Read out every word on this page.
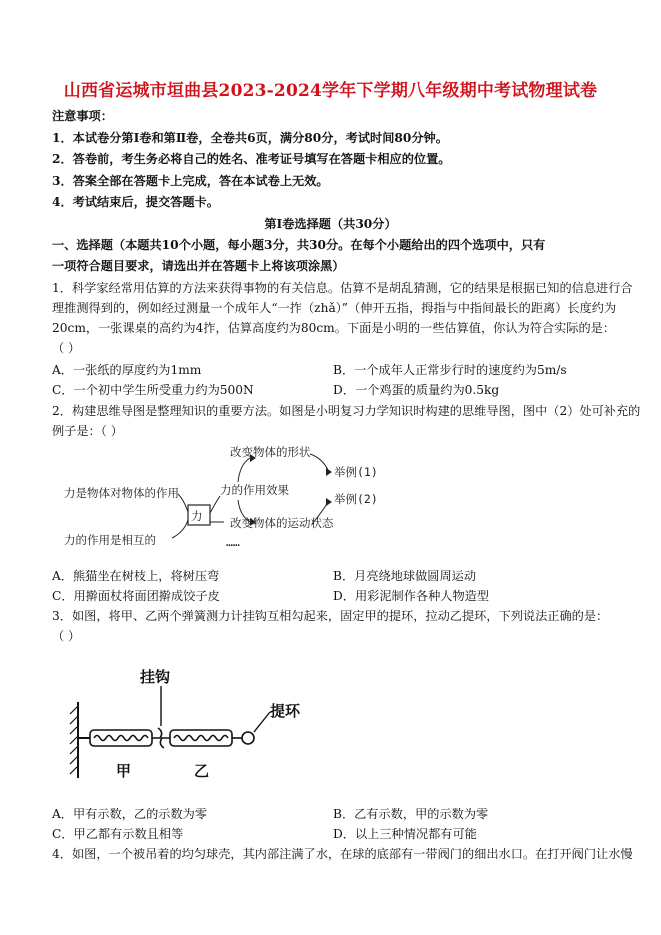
山西省运城市垣曲县2023-2024学年下学期八年级期中考试物理试卷
注意事项：
1．本试卷分第Ⅰ卷和第Ⅱ卷，全卷共6页，满分80分，考试时间80分钟。
2．答卷前，考生务必将自己的姓名、准考证号填写在答题卡相应的位置。
3．答案全部在答题卡上完成，答在本试卷上无效。
4．考试结束后，提交答题卡。
第Ⅰ卷选择题（共30分）
一、选择题（本题共10个小题，每小题3分，共30分。在每个小题给出的四个选项中，只有
一项符合题目要求，请选出并在答题卡上将该项涂黑）
1．科学家经常用估算的方法来获得事物的有关信息。估算不是胡乱猜测，它的结果是根据已知的信息进行合
理推测得到的，例如经过测量一个成年人“一拃（zhǎ）”（伸开五指，拇指与中指间最长的距离）长度约为
20cm，一张课桌的高约为4拃，估算高度约为80cm。下面是小明的一些估算值，你认为符合实际的是：
（ ）
A．一张纸的厚度约为1mm	B．一个成年人正常步行时的速度约为5m/s
C．一个初中学生所受重力约为500N	D．一个鸡蛋的质量约为0.5kg
2．构建思维导图是整理知识的重要方法。如图是小明复习力学知识时构建的思维导图，图中（2）处可补充的
例子是：（ ）
力
力是物体对物体的作用
力的作用是相互的
力的作用效果
……
改变物体的形状
改变物体的运动状态
举例(1)
举例(2)
A．熊猫坐在树枝上，将树压弯	B．月亮绕地球做圆周运动
C．用擀面杖将面团擀成饺子皮	D．用彩泥制作各种人物造型
3．如图，将甲、乙两个弹簧测力计挂钩互相勾起来，固定甲的提环，拉动乙提环，下列说法正确的是：
（ ）
挂钩
提环
甲	乙
A．甲有示数，乙的示数为零	B．乙有示数，甲的示数为零
C．甲乙都有示数且相等	D．以上三种情况都有可能
4．如图，一个被吊着的均匀球壳，其内部注满了水，在球的底部有一带阀门的细出水口。在打开阀门让水慢
